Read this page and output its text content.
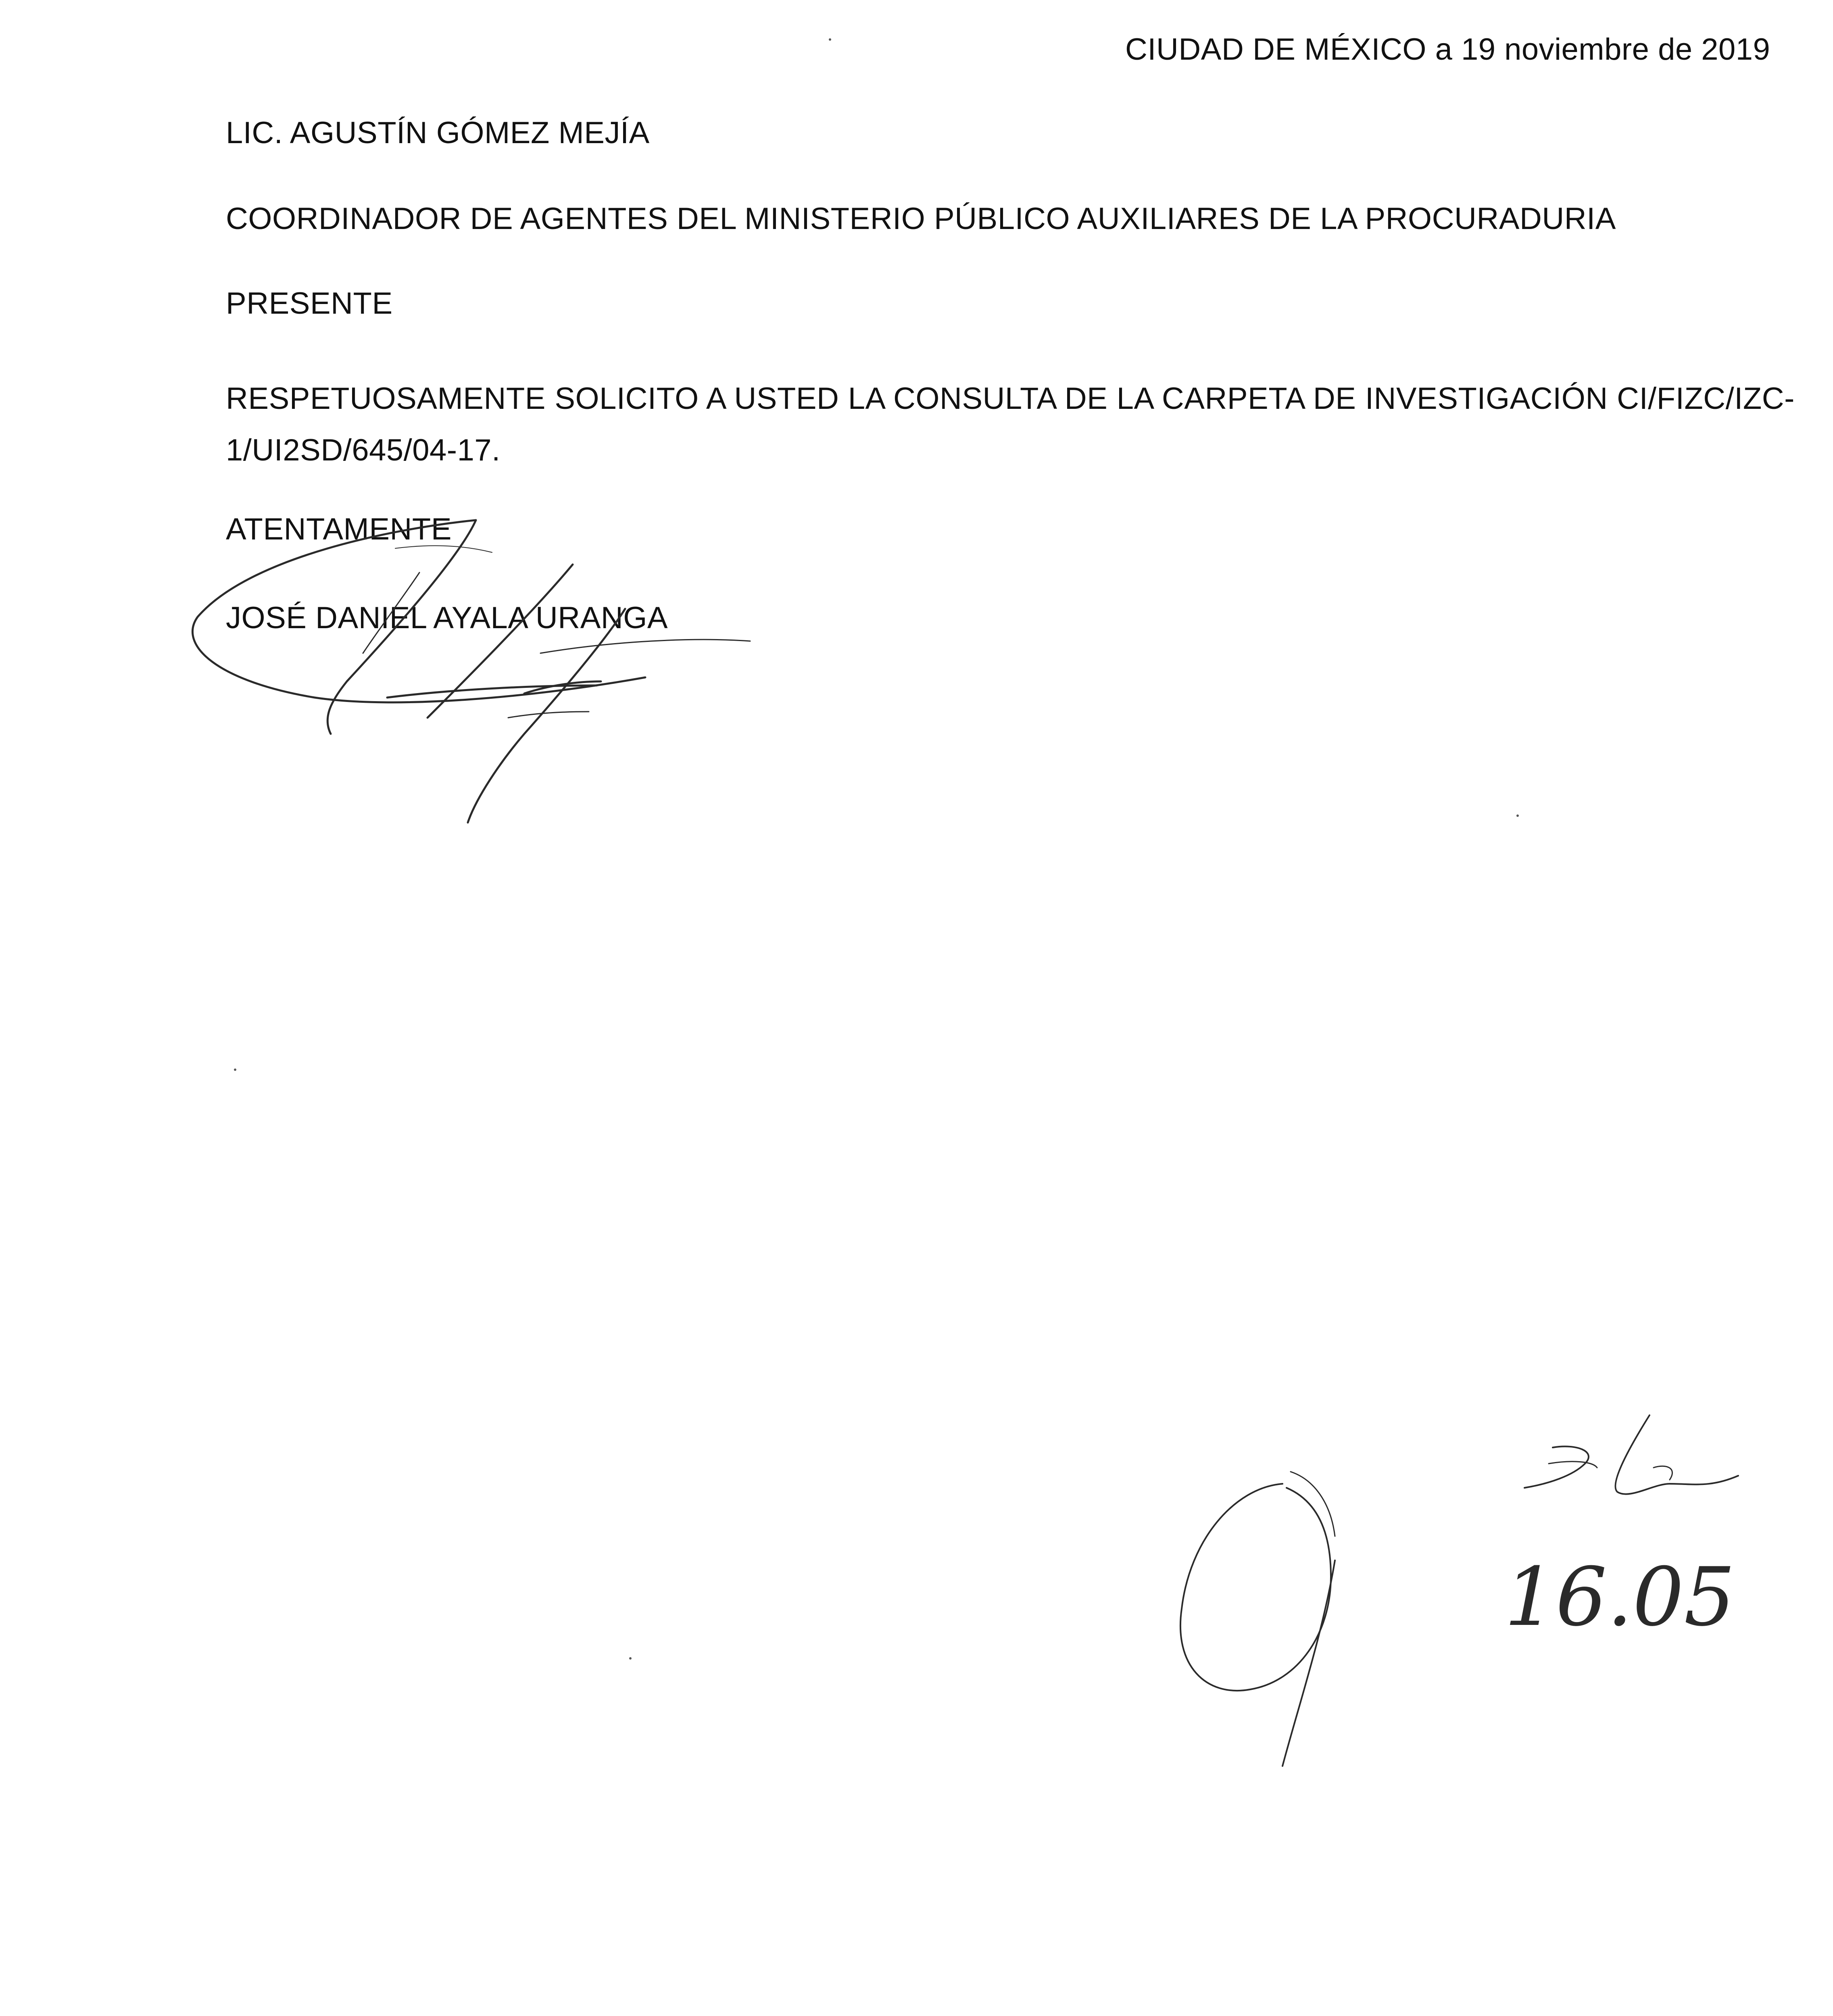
CIUDAD DE MÉXICO a 19 noviembre de 2019
LIC. AGUSTÍN GÓMEZ MEJÍA
COORDINADOR DE AGENTES DEL MINISTERIO PÚBLICO AUXILIARES DE LA PROCURADURIA
PRESENTE
RESPETUOSAMENTE SOLICITO A USTED LA CONSULTA DE LA CARPETA DE INVESTIGACIÓN CI/FIZC/IZC-1/UI2SD/645/04-17.
ATENTAMENTE
JOSÉ DANIEL AYALA URANGA
16.05
